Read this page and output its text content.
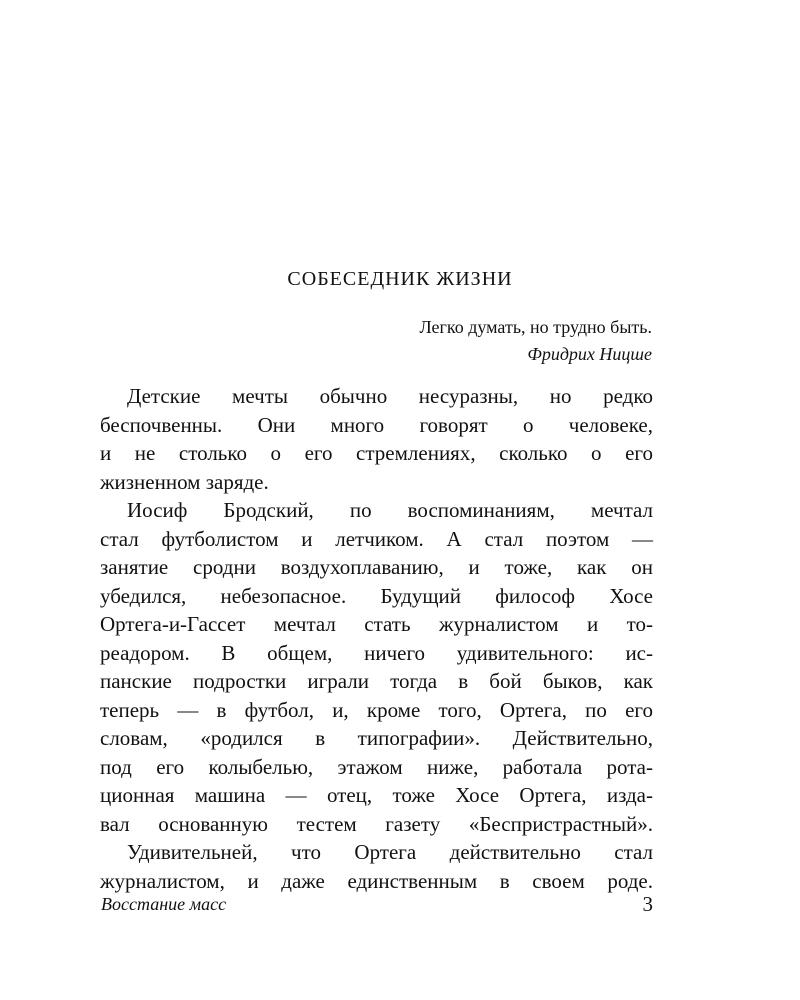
СОБЕСЕДНИК ЖИЗНИ
Легко думать, но трудно быть.
Фридрих Ницше
Детские мечты обычно несуразны, но редко
беспочвенны. Они много говорят о человеке,
и не столько о его стремлениях, сколько о его
жизненном заряде.
Иосиф Бродский, по воспоминаниям, мечтал
стал футболистом и летчиком. А стал поэтом —
занятие сродни воздухоплаванию, и тоже, как он
убедился, небезопасное. Будущий философ Хосе
Ортега-и-Гассет мечтал стать журналистом и то-
реадором. В общем, ничего удивительного: ис-
панские подростки играли тогда в бой быков, как
теперь — в футбол, и, кроме того, Ортега, по его
словам, «родился в типографии». Действительно,
под его колыбелью, этажом ниже, работала рота-
ционная машина — отец, тоже Хосе Ортега, изда-
вал основанную тестем газету «Беспристрастный».
Удивительней, что Ортега действительно стал
журналистом, и даже единственным в своем роде.
Восстание масс	3
